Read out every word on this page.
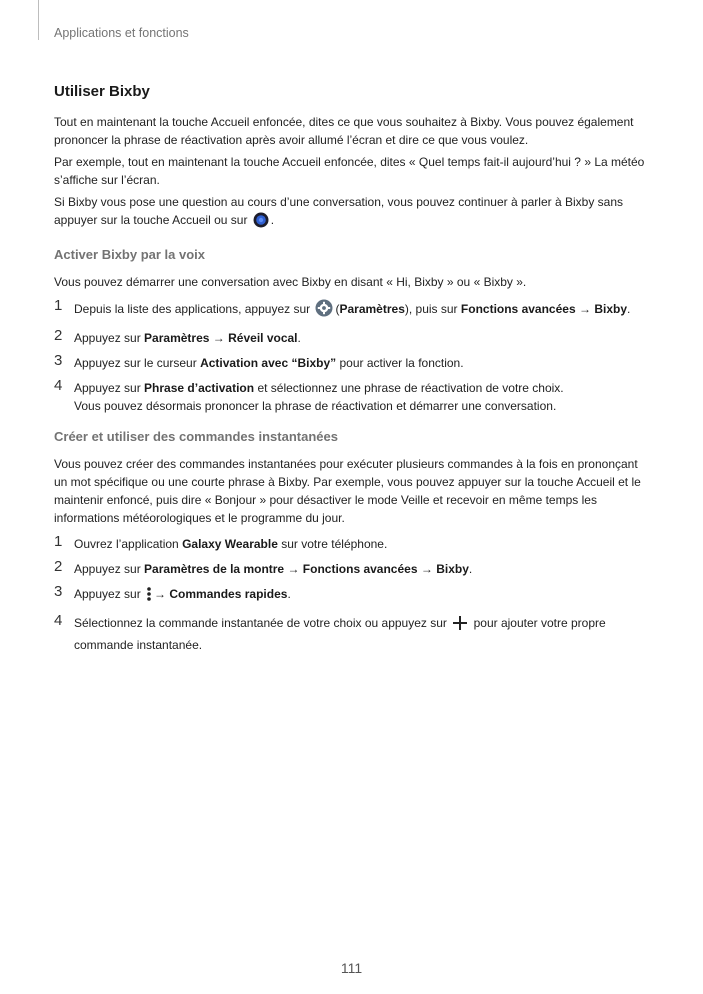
Applications et fonctions
Utiliser Bixby

Tout en maintenant la touche Accueil enfoncée, dites ce que vous souhaitez à Bixby. Vous pouvez également prononcer la phrase de réactivation après avoir allumé l’écran et dire ce que vous voulez.

Par exemple, tout en maintenant la touche Accueil enfoncée, dites « Quel temps fait-il aujourd’hui ? » La météo s’affiche sur l’écran.

Si Bixby vous pose une question au cours d’une conversation, vous pouvez continuer à parler à Bixby sans appuyer sur la touche Accueil ou sur .

Activer Bixby par la voix

Vous pouvez démarrer une conversation avec Bixby en disant « Hi, Bixby » ou « Bixby ».

1 Depuis la liste des applications, appuyez sur (Paramètres), puis sur Fonctions avancées → Bixby.
2 Appuyez sur Paramètres → Réveil vocal.
3 Appuyez sur le curseur Activation avec “Bixby” pour activer la fonction.
4 Appuyez sur Phrase d’activation et sélectionnez une phrase de réactivation de votre choix.
Vous pouvez désormais prononcer la phrase de réactivation et démarrer une conversation.
Créer et utiliser des commandes instantanées

Vous pouvez créer des commandes instantanées pour exécuter plusieurs commandes à la fois en prononçant un mot spécifique ou une courte phrase à Bixby. Par exemple, vous pouvez appuyer sur la touche Accueil et le maintenir enfoncé, puis dire « Bonjour » pour désactiver le mode Veille et recevoir en même temps les informations météorologiques et le programme du jour.

1 Ouvrez l’application Galaxy Wearable sur votre téléphone.
2 Appuyez sur Paramètres de la montre → Fonctions avancées → Bixby.
3 Appuyez sur → Commandes rapides.
4 Sélectionnez la commande instantanée de votre choix ou appuyez sur pour ajouter votre propre commande instantanée.
111
